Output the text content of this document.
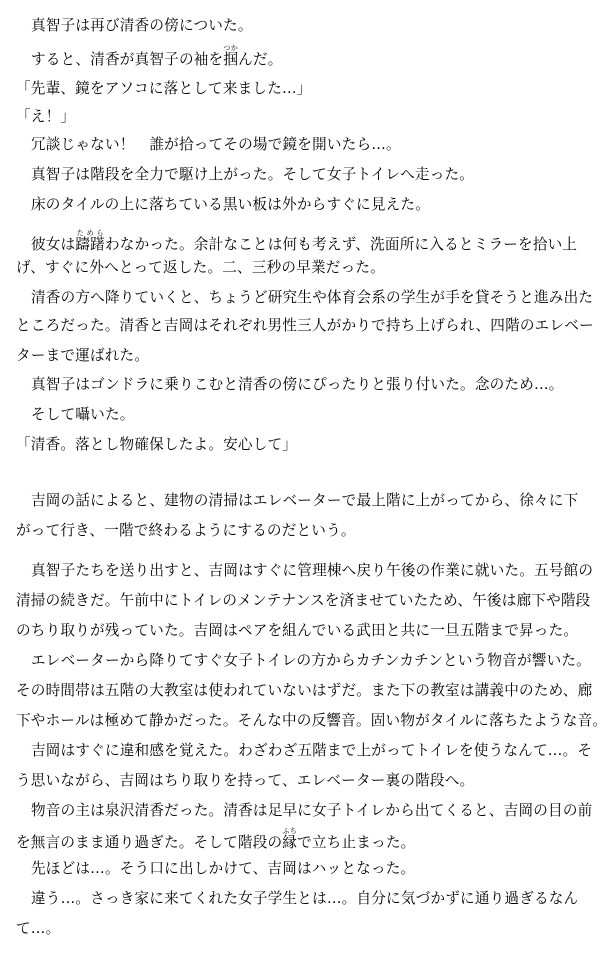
真智子は再び清香の傍についた。
すると、清香が真智子の袖を掴つかんだ。
「先輩、鏡をアソコに落として来ました…」
「え！」
冗談じゃない！　誰が拾ってその場で鏡を開いたら…。
真智子は階段を全力で駆け上がった。そして女子トイレへ走った。
床のタイルの上に落ちている黒い板は外からすぐに見えた。
彼女は躊躇ためらわなかった。余計なことは何も考えず、洗面所に入るとミラーを拾い上
げ、すぐに外へとって返した。二、三秒の早業だった。
清香の方へ降りていくと、ちょうど研究生や体育会系の学生が手を貸そうと進み出た
ところだった。清香と吉岡はそれぞれ男性三人がかりで持ち上げられ、四階のエレベー
ターまで運ばれた。
真智子はゴンドラに乗りこむと清香の傍にぴったりと張り付いた。念のため…。
そして囁いた。
「清香。落とし物確保したよ。安心して」
吉岡の話によると、建物の清掃はエレベーターで最上階に上がってから、徐々に下
がって行き、一階で終わるようにするのだという。
真智子たちを送り出すと、吉岡はすぐに管理棟へ戻り午後の作業に就いた。五号館の
清掃の続きだ。午前中にトイレのメンテナンスを済ませていたため、午後は廊下や階段
のちり取りが残っていた。吉岡はペアを組んでいる武田と共に一旦五階まで昇った。
エレベーターから降りてすぐ女子トイレの方からカチンカチンという物音が響いた。
その時間帯は五階の大教室は使われていないはずだ。また下の教室は講義中のため、廊
下やホールは極めて静かだった。そんな中の反響音。固い物がタイルに落ちたような音。
吉岡はすぐに違和感を覚えた。わざわざ五階まで上がってトイレを使うなんて…。そ
う思いながら、吉岡はちり取りを持って、エレベーター裏の階段へ。
物音の主は泉沢清香だった。清香は足早に女子トイレから出てくると、吉岡の目の前
を無言のまま通り過ぎた。そして階段の縁ふちで立ち止まった。
先ほどは…。そう口に出しかけて、吉岡はハッとなった。
違う…。さっき家に来てくれた女子学生とは…。自分に気づかずに通り過ぎるなん
て…。
